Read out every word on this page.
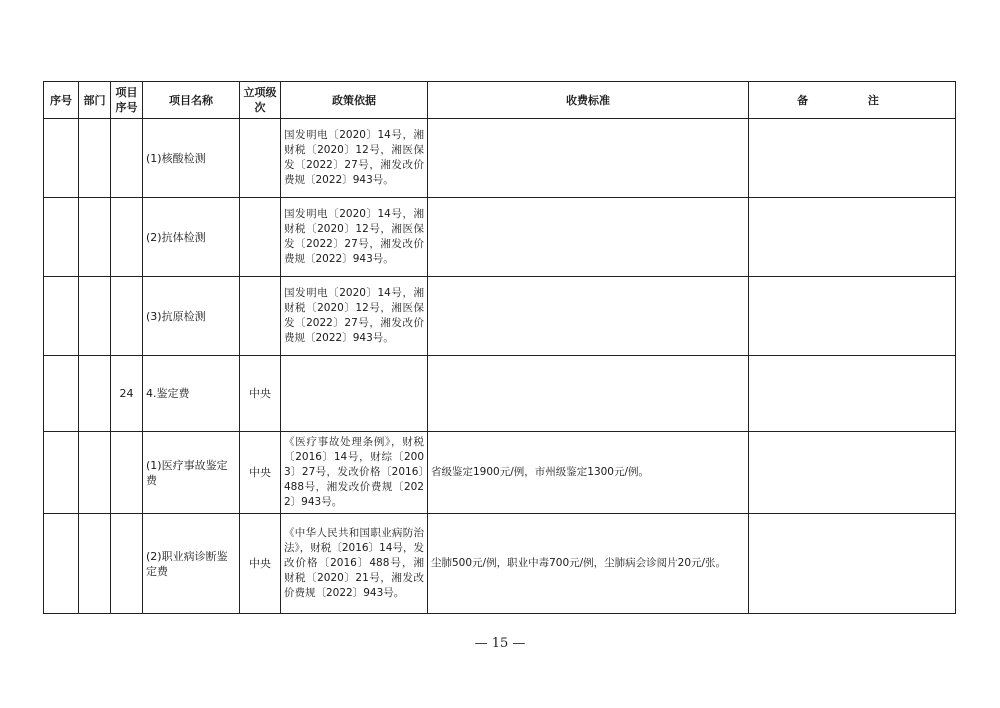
序号	部门	项目序号	项目名称	立项级次	政策依据	收费标准	备 注
			(1)核酸检测		国发明电〔2020〕14号，湘财税〔2020〕12号，湘医保发〔2022〕27号，湘发改价费规〔2022〕943号。		
			(2)抗体检测		国发明电〔2020〕14号，湘财税〔2020〕12号，湘医保发〔2022〕27号，湘发改价费规〔2022〕943号。		
			(3)抗原检测		国发明电〔2020〕14号，湘财税〔2020〕12号，湘医保发〔2022〕27号，湘发改价费规〔2022〕943号。		
		24	4.鉴定费	中央			
			(1)医疗事故鉴定费	中央	《医疗事故处理条例》，财税〔2016〕14号，财综〔2003〕27号，发改价格〔2016〕488号，湘发改价费规〔2022〕943号。	省级鉴定1900元/例，市州级鉴定1300元/例。	
			(2)职业病诊断鉴定费	中央	《中华人民共和国职业病防治法》，财税〔2016〕14号，发改价格〔2016〕488号，湘财税〔2020〕21号，湘发改价费规〔2022〕943号。	尘肺500元/例，职业中毒700元/例，尘肺病会诊阅片20元/张。	
— 15 —
